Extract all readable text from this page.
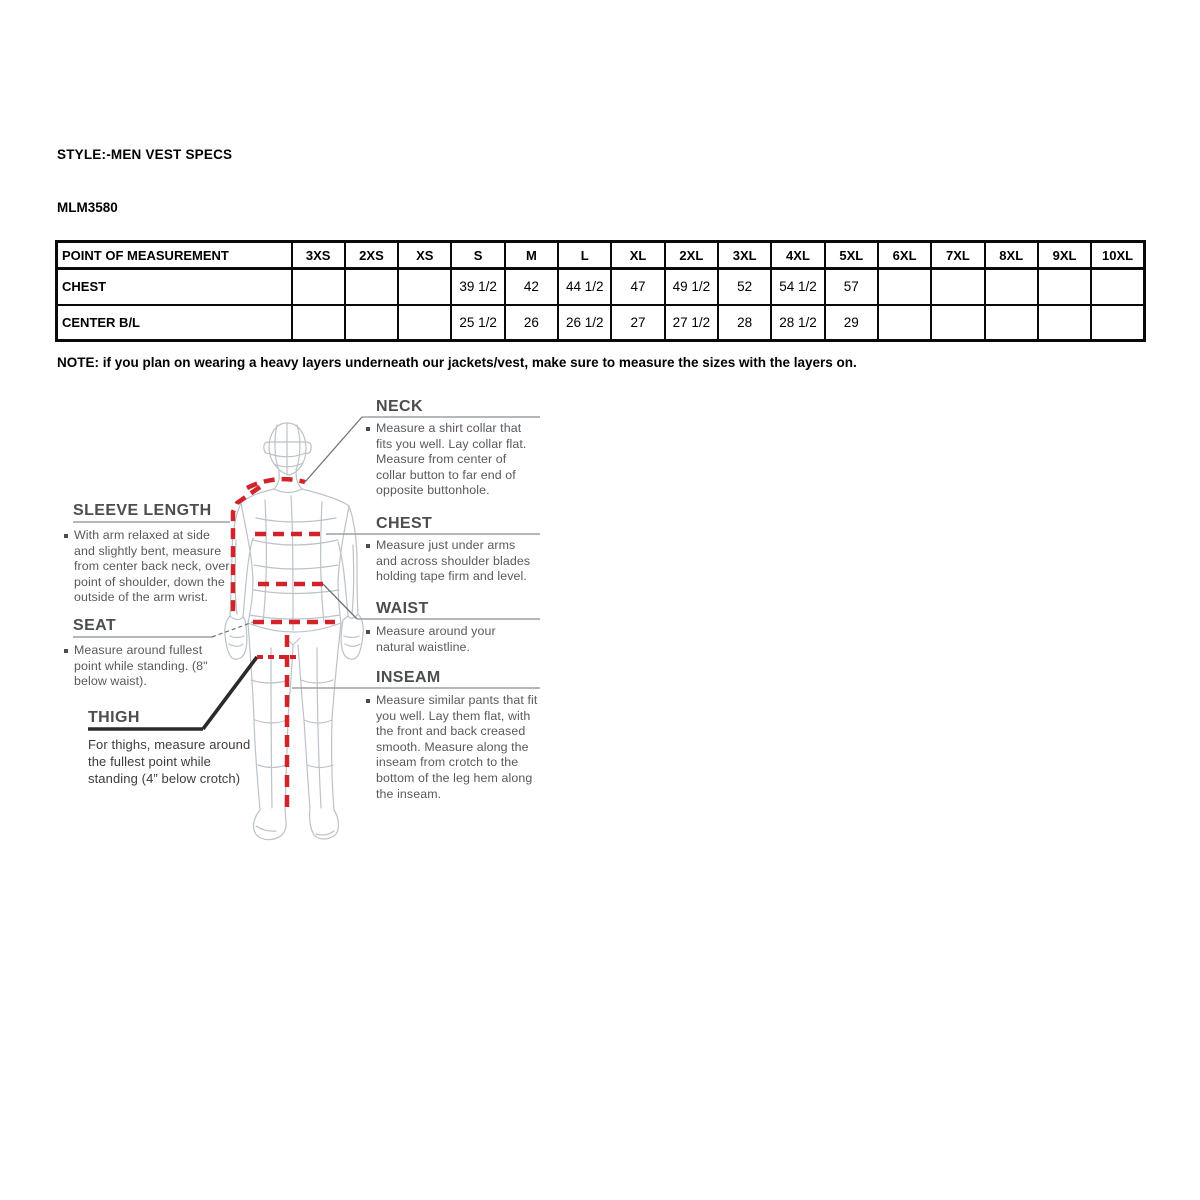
STYLE:-MEN VEST SPECS
MLM3580
POINT OF MEASUREMENT	3XS	2XS	XS	S	M	L	XL	2XL	3XL	4XL	5XL	6XL	7XL	8XL	9XL	10XL
CHEST				39 1/2	42	44 1/2	47	49 1/2	52	54 1/2	57					
CENTER B/L				25 1/2	26	26 1/2	27	27 1/2	28	28 1/2	29					
NOTE: if you plan on wearing a heavy layers underneath our jackets/vest, make sure to measure the sizes with the layers on.
NECK

Measure a shirt collar that fits you well. Lay collar flat. Measure from center of collar button to far end of opposite buttonhole.

CHEST

Measure just under arms and across shoulder blades holding tape firm and level.

WAIST

Measure around your natural waistline.

INSEAM

Measure similar pants that fit you well. Lay them flat, with the front and back creased smooth. Measure along the inseam from crotch to the bottom of the leg hem along the inseam.

SLEEVE LENGTH

With arm relaxed at side and slightly bent, measure from center back neck, over point of shoulder, down the outside of the arm wrist.

SEAT

Measure around fullest point while standing. (8" below waist).

THIGH

For thighs, measure around the fullest point while standing (4” below crotch)
